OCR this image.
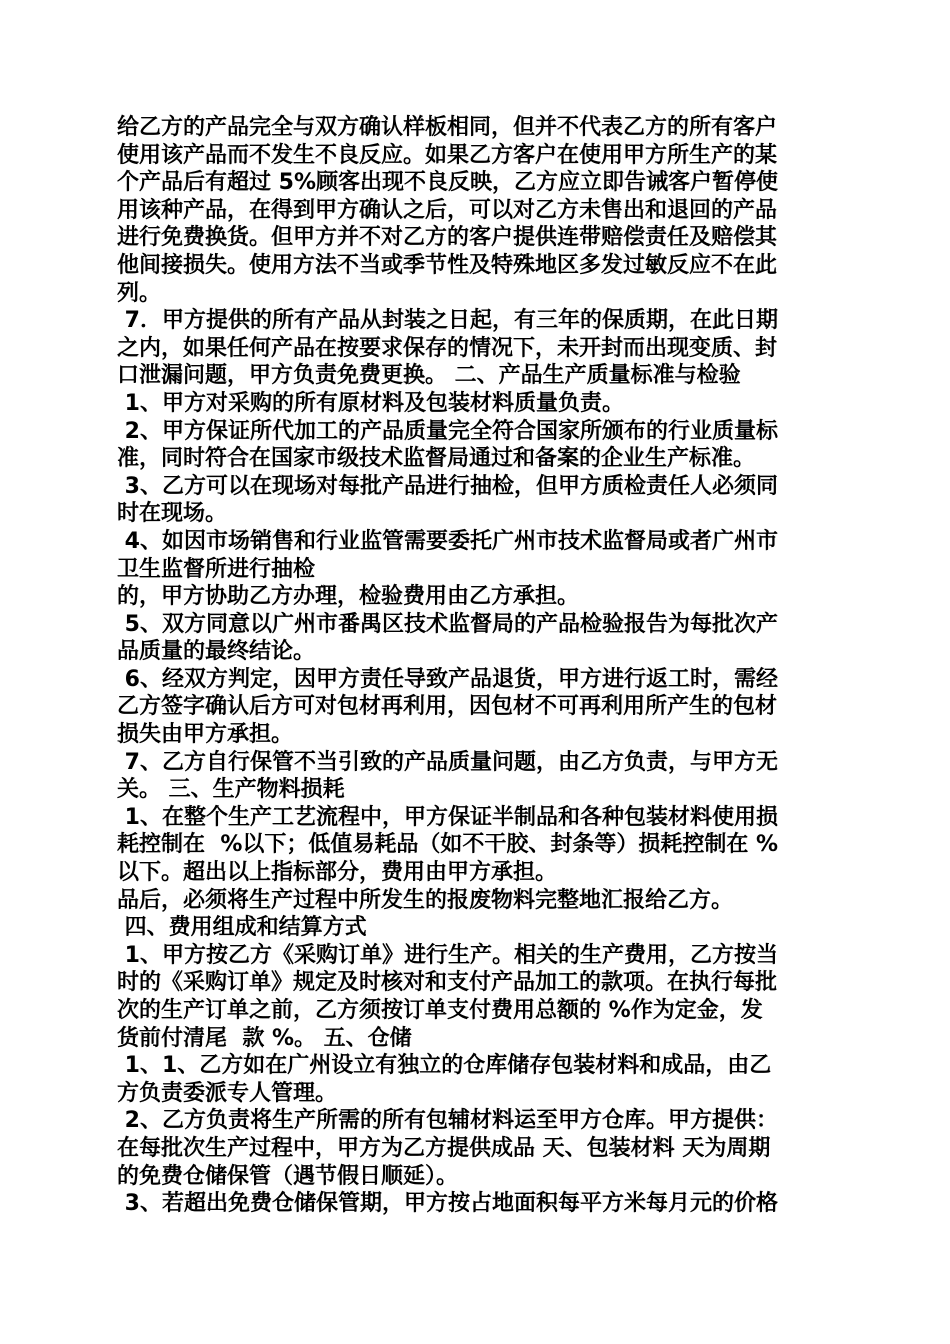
给乙方的产品完全与双方确认样板相同，但并不代表乙方的所有客户
使用该产品而不发生不良反应。如果乙方客户在使用甲方所生产的某
个产品后有超过 5%顾客出现不良反映，乙方应立即告诫客户暂停使
用该种产品，在得到甲方确认之后，可以对乙方未售出和退回的产品
进行免费换货。但甲方并不对乙方的客户提供连带赔偿责任及赔偿其
他间接损失。使用方法不当或季节性及特殊地区多发过敏反应不在此
列。
7．甲方提供的所有产品从封装之日起，有三年的保质期，在此日期
之内，如果任何产品在按要求保存的情况下，未开封而出现变质、封
口泄漏问题，甲方负责免费更换。 二、产品生产质量标准与检验
1、甲方对采购的所有原材料及包装材料质量负责。
2、甲方保证所代加工的产品质量完全符合国家所颁布的行业质量标
准，同时符合在国家市级技术监督局通过和备案的企业生产标准。
3、乙方可以在现场对每批产品进行抽检，但甲方质检责任人必须同
时在现场。
4、如因市场销售和行业监管需要委托广州市技术监督局或者广州市
卫生监督所进行抽检
的，甲方协助乙方办理，检验费用由乙方承担。
5、双方同意以广州市番禺区技术监督局的产品检验报告为每批次产
品质量的最终结论。
6、经双方判定，因甲方责任导致产品退货，甲方进行返工时，需经
乙方签字确认后方可对包材再利用，因包材不可再利用所产生的包材
损失由甲方承担。
7、乙方自行保管不当引致的产品质量问题，由乙方负责，与甲方无
关。 三、生产物料损耗
1、在整个生产工艺流程中，甲方保证半制品和各种包装材料使用损
耗控制在  %以下；低值易耗品（如不干胶、封条等）损耗控制在 %
以下。超出以上指标部分，费用由甲方承担。
品后，必须将生产过程中所发生的报废物料完整地汇报给乙方。
四、费用组成和结算方式
1、甲方按乙方《采购订单》进行生产。相关的生产费用，乙方按当
时的《采购订单》规定及时核对和支付产品加工的款项。在执行每批
次的生产订单之前，乙方须按订单支付费用总额的 %作为定金，发
货前付清尾  款 %。 五、仓储
1、1、乙方如在广州设立有独立的仓库储存包装材料和成品，由乙
方负责委派专人管理。
2、乙方负责将生产所需的所有包辅材料运至甲方仓库。甲方提供：
在每批次生产过程中，甲方为乙方提供成品 天、包装材料 天为周期
的免费仓储保管（遇节假日顺延）。
3、若超出免费仓储保管期，甲方按占地面积每平方米每月元的价格
